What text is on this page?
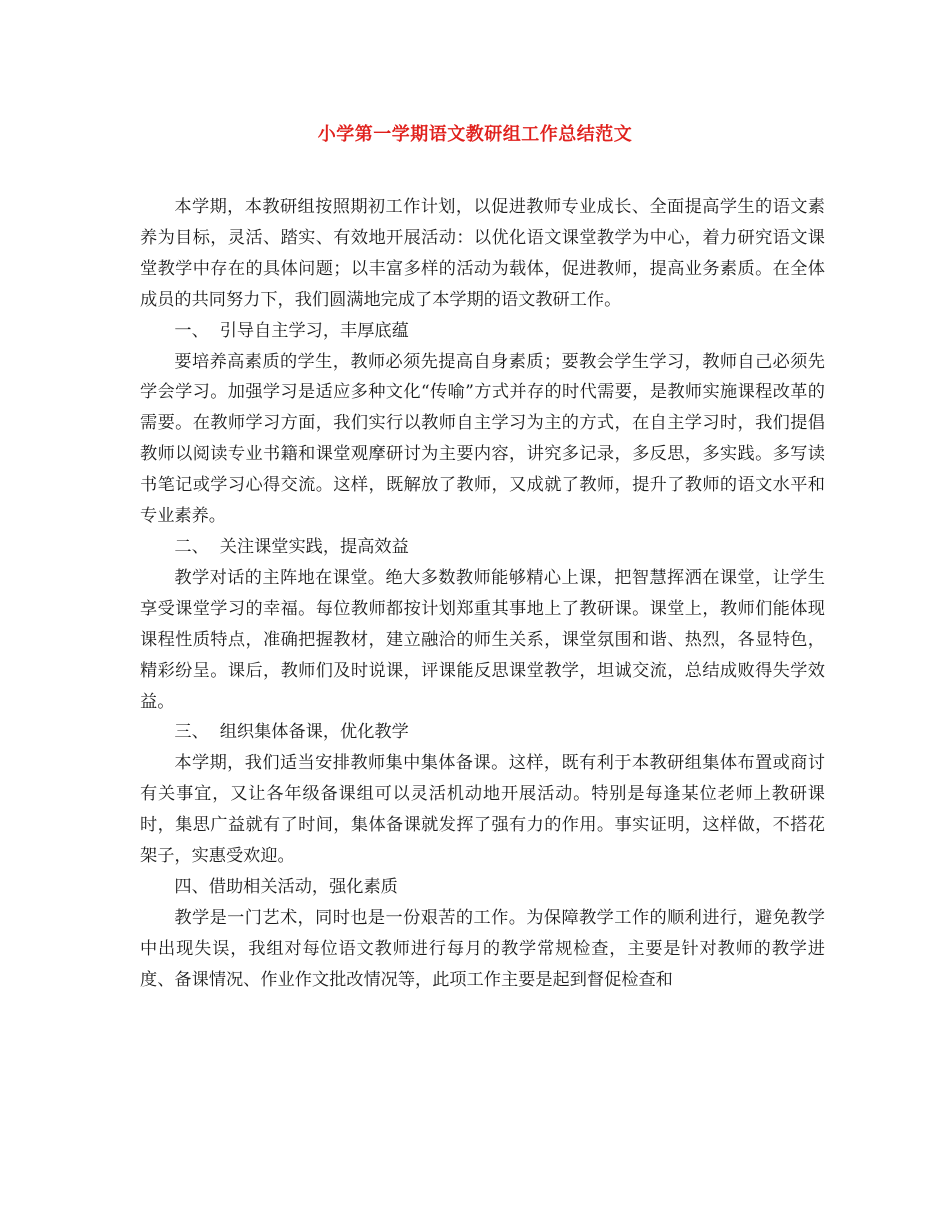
小学第一学期语文教研组工作总结范文

本学期，本教研组按照期初工作计划，以促进教师专业成长、全面提高学生的语文素养为目标，灵活、踏实、有效地开展活动：以优化语文课堂教学为中心，着力研究语文课堂教学中存在的具体问题；以丰富多样的活动为载体，促进教师，提高业务素质。在全体成员的共同努力下，我们圆满地完成了本学期的语文教研工作。

一、  引导自主学习，丰厚底蕴

要培养高素质的学生，教师必须先提高自身素质；要教会学生学习，教师自己必须先学会学习。加强学习是适应多种文化“传喻”方式并存的时代需要，是教师实施课程改革的需要。在教师学习方面，我们实行以教师自主学习为主的方式，在自主学习时，我们提倡教师以阅读专业书籍和课堂观摩研讨为主要内容，讲究多记录，多反思，多实践。多写读书笔记或学习心得交流。这样，既解放了教师，又成就了教师，提升了教师的语文水平和专业素养。

二、  关注课堂实践，提高效益

教学对话的主阵地在课堂。绝大多数教师能够精心上课，把智慧挥洒在课堂，让学生享受课堂学习的幸福。每位教师都按计划郑重其事地上了教研课。课堂上，教师们能体现课程性质特点，准确把握教材，建立融洽的师生关系，课堂氛围和谐、热烈，各显特色，精彩纷呈。课后，教师们及时说课，评课能反思课堂教学，坦诚交流，总结成败得失学效益。

三、  组织集体备课，优化教学

本学期，我们适当安排教师集中集体备课。这样，既有利于本教研组集体布置或商讨有关事宜，又让各年级备课组可以灵活机动地开展活动。特别是每逢某位老师上教研课时，集思广益就有了时间，集体备课就发挥了强有力的作用。事实证明，这样做，不搭花架子，实惠受欢迎。

四、借助相关活动，强化素质

教学是一门艺术，同时也是一份艰苦的工作。为保障教学工作的顺利进行，避免教学中出现失误，我组对每位语文教师进行每月的教学常规检查，主要是针对教师的教学进度、备课情况、作业作文批改情况等，此项工作主要是起到督促检查和
